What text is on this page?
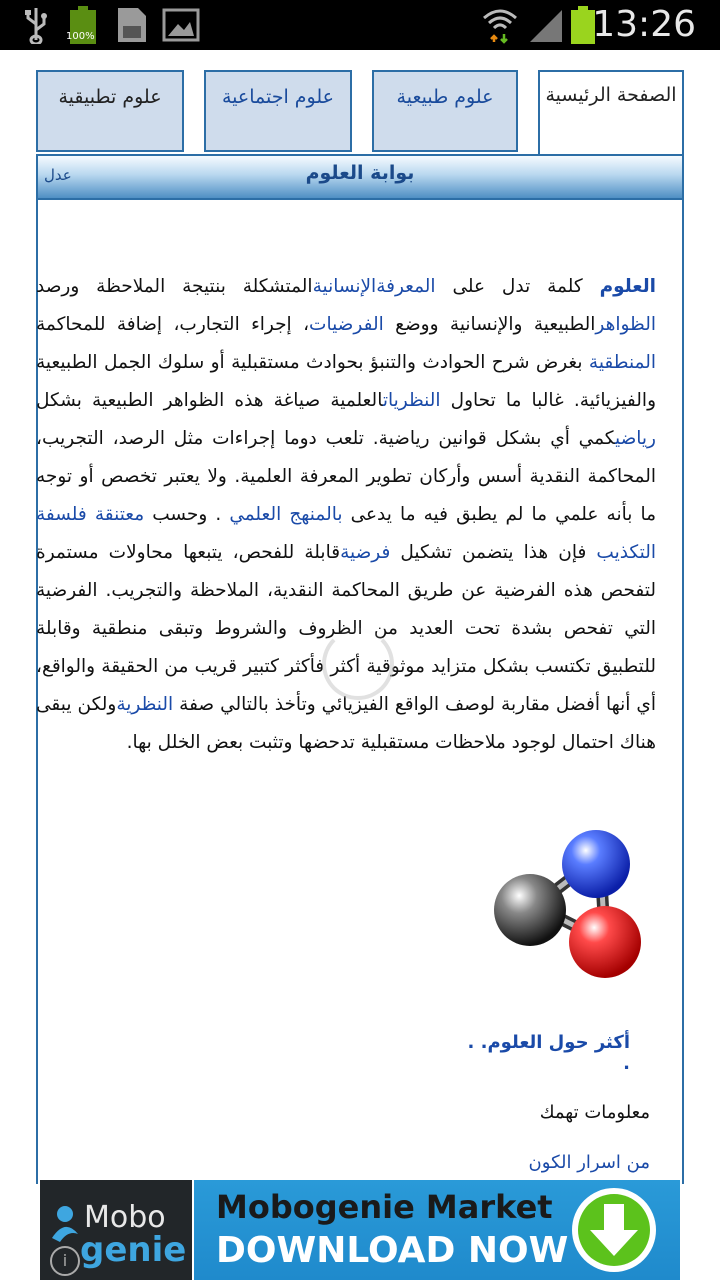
100%	13:26
الصفحة الرئيسية
علوم طبيعية
علوم اجتماعية
علوم تطبيقية
بوابة العلوم
عدل
العلوم كلمة تدل على المعرفةالإنسانيةالمتشكلة بنتيجة الملاحظة ورصد الظواهرالطبيعية والإنسانية ووضع الفرضيات، إجراء التجارب، إضافة للمحاكمة المنطقية بغرض شرح الحوادث والتنبؤ بحوادث مستقبلية أو سلوك الجمل الطبيعية والفيزيائية. غالبا ما تحاول النظرياتالعلمية صياغة هذه الظواهر الطبيعية بشكل رياضيكمي أي بشكل قوانين رياضية. تلعب دوما إجراءات مثل الرصد، التجريب، المحاكمة النقدية أسس وأركان تطوير المعرفة العلمية. ولا يعتبر تخصص أو توجه ما بأنه علمي ما لم يطبق فيه ما يدعى بالمنهج العلمي . وحسب معتنقة فلسفة التكذيب فإن هذا يتضمن تشكيل فرضيةقابلة للفحص، يتبعها محاولات مستمرة لتفحص هذه الفرضية عن طريق المحاكمة النقدية، الملاحظة والتجريب. الفرضية التي تفحص بشدة تحت العديد من الظروف والشروط وتبقى منطقية وقابلة للتطبيق تكتسب بشكل متزايد موثوقية أكثر فأكثر كتبير قريب من الحقيقة والواقع، أي أنها أفضل مقاربة لوصف الواقع الفيزيائي وتأخذ بالتالي صفة النظريةولكن يبقى هناك احتمال لوجود ملاحظات مستقبلية تدحضها وتثبت بعض الخلل بها.
أكثر حول العلوم. . .
معلومات تهمك
من اسرار الكون
Mobo
genie
i
Mobogenie Market
DOWNLOAD NOW
